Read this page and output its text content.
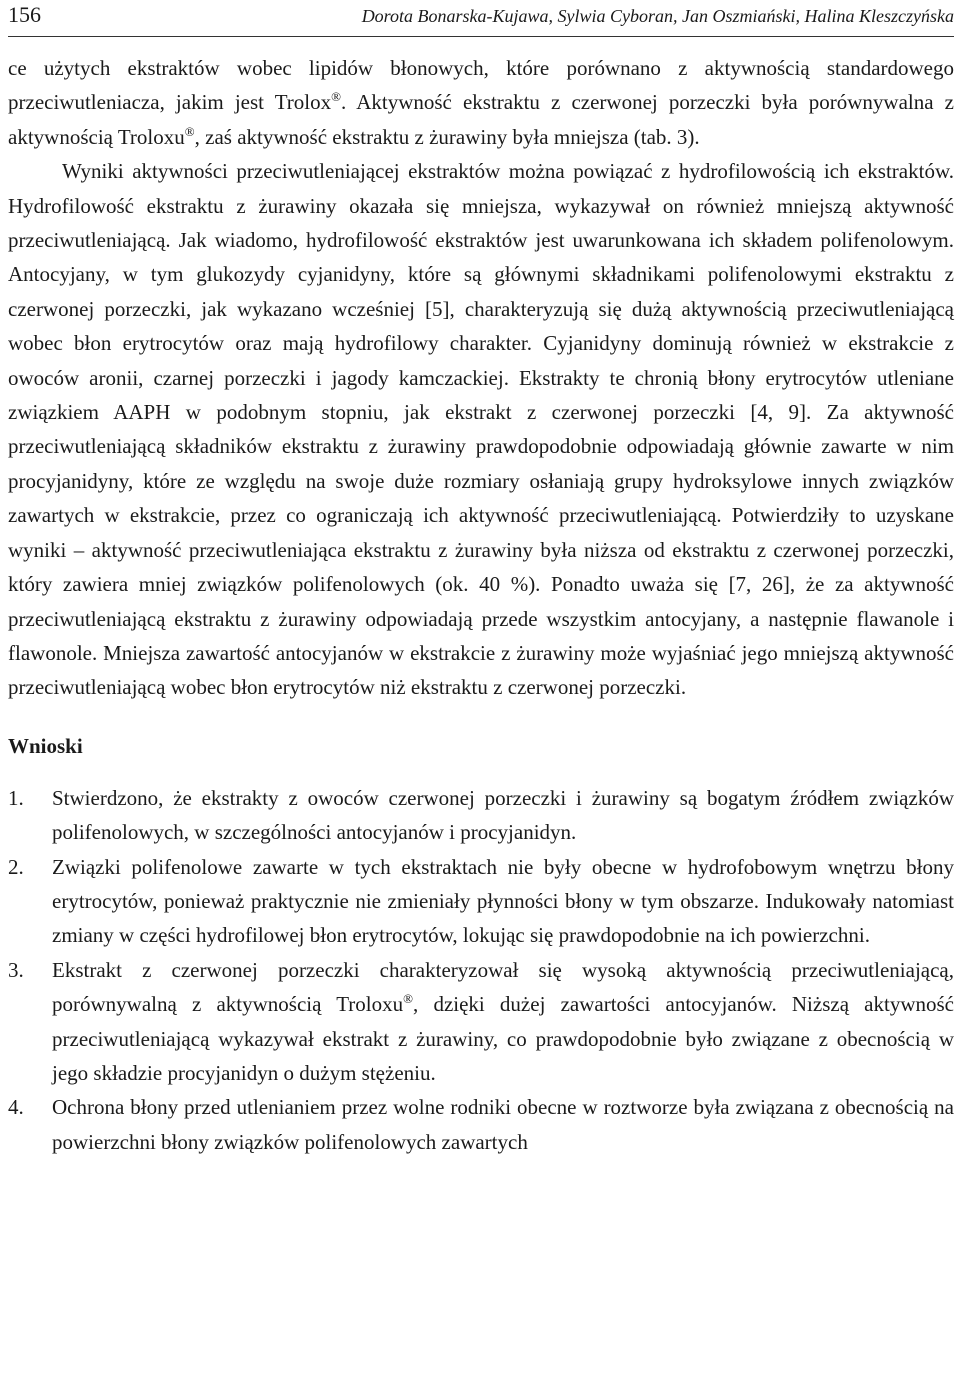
156	Dorota Bonarska-Kujawa, Sylwia Cyboran, Jan Oszmiański, Halina Kleszczyńska

ce użytych ekstraktów wobec lipidów błonowych, które porównano z aktywnością standardowego przeciwutleniacza, jakim jest Trolox®. Aktywność ekstraktu z czerwonej porzeczki była porównywalna z aktywnością Troloxu®, zaś aktywność ekstraktu z żurawiny była mniejsza (tab. 3).

Wyniki aktywności przeciwutleniającej ekstraktów można powiązać z hydrofilowością ich ekstraktów. Hydrofilowość ekstraktu z żurawiny okazała się mniejsza, wykazywał on również mniejszą aktywność przeciwutleniającą. Jak wiadomo, hydrofilowość ekstraktów jest uwarunkowana ich składem polifenolowym. Antocyjany, w tym glukozydy cyjanidyny, które są głównymi składnikami polifenolowymi ekstraktu z czerwonej porzeczki, jak wykazano wcześniej [5], charakteryzują się dużą aktywnością przeciwutleniającą wobec błon erytrocytów oraz mają hydrofilowy charakter. Cyjanidyny dominują również w ekstrakcie z owoców aronii, czarnej porzeczki i jagody kamczackiej. Ekstrakty te chronią błony erytrocytów utleniane związkiem AAPH w podobnym stopniu, jak ekstrakt z czerwonej porzeczki [4, 9]. Za aktywność przeciwutleniającą składników ekstraktu z żurawiny prawdopodobnie odpowiadają głównie zawarte w nim procyjanidyny, które ze względu na swoje duże rozmiary osłaniają grupy hydroksylowe innych związków zawartych w ekstrakcie, przez co ograniczają ich aktywność przeciwutleniającą. Potwierdziły to uzyskane wyniki – aktywność przeciwutleniająca ekstraktu z żurawiny była niższa od ekstraktu z czerwonej porzeczki, który zawiera mniej związków polifenolowych (ok. 40 %). Ponadto uważa się [7, 26], że za aktywność przeciwutleniającą ekstraktu z żurawiny odpowiadają przede wszystkim antocyjany, a następnie flawanole i flawonole. Mniejsza zawartość antocyjanów w ekstrakcie z żurawiny może wyjaśniać jego mniejszą aktywność przeciwutleniającą wobec błon erytrocytów niż ekstraktu z czerwonej porzeczki.

Wnioski
1. Stwierdzono, że ekstrakty z owoców czerwonej porzeczki i żurawiny są bogatym źródłem związków polifenolowych, w szczególności antocyjanów i procyjanidyn.
2. Związki polifenolowe zawarte w tych ekstraktach nie były obecne w hydrofobowym wnętrzu błony erytrocytów, ponieważ praktycznie nie zmieniały płynności błony w tym obszarze. Indukowały natomiast zmiany w części hydrofilowej błon erytrocytów, lokując się prawdopodobnie na ich powierzchni.
3. Ekstrakt z czerwonej porzeczki charakteryzował się wysoką aktywnością przeciwutleniającą, porównywalną z aktywnością Troloxu®, dzięki dużej zawartości antocyjanów. Niższą aktywność przeciwutleniającą wykazywał ekstrakt z żurawiny, co prawdopodobnie było związane z obecnością w jego składzie procyjanidyn o dużym stężeniu.
4. Ochrona błony przed utlenianiem przez wolne rodniki obecne w roztworze była związana z obecnością na powierzchni błony związków polifenolowych zawartych
